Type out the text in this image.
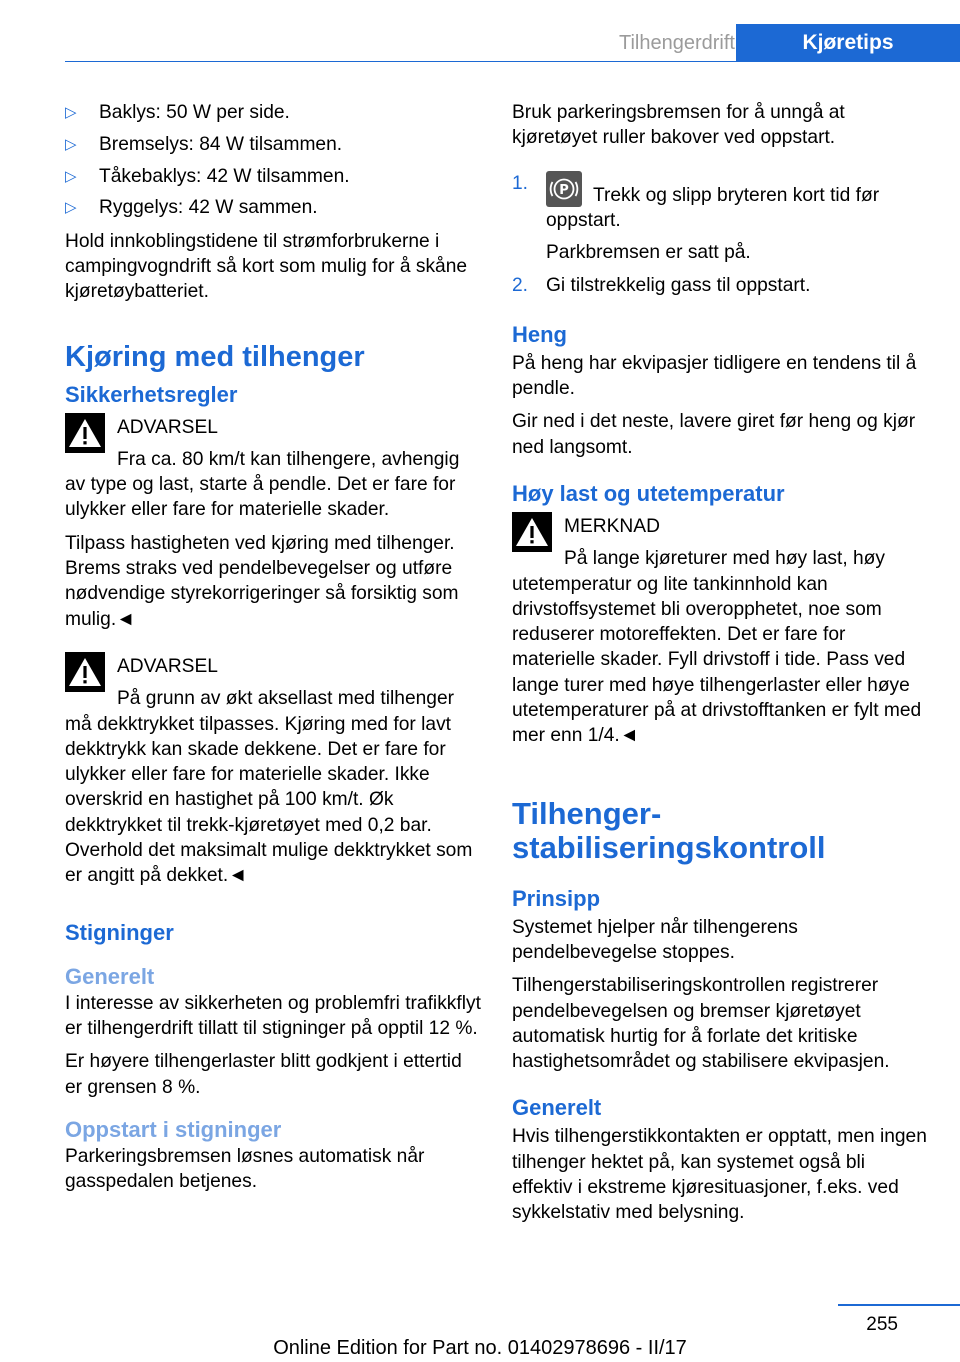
Tilhengerdrift	Kjøretips
▷ Baklys: 50 W per side.
▷ Bremselys: 84 W tilsammen.
▷ Tåkebaklys: 42 W tilsammen.
▷ Ryggelys: 42 W sammen.

Hold innkoblingstidene til strømforbrukerne i campingvogndrift så kort som mulig for å skåne kjøretøybatteriet.

Kjøring med tilhenger
Sikkerhetsregler

ADVARSEL

Fra ca. 80 km/t kan tilhengere, avhengig av type og last, starte å pendle. Det er fare for ulykker eller fare for materielle skader.

Tilpass hastigheten ved kjøring med tilhenger. Brems straks ved pendelbevegelser og utføre nødvendige styrekorrigeringer så forsiktig som mulig.◄

ADVARSEL

På grunn av økt aksellast med tilhenger må dekktrykket tilpasses. Kjøring med for lavt dekktrykk kan skade dekkene. Det er fare for ulykker eller fare for materielle skader. Ikke overskrid en hastighet på 100 km/t. Øk dekktrykket til trekk-kjøretøyet med 0,2 bar. Overhold det maksimalt mulige dekktrykket som er angitt på dekket.◄

Stigninger
Generelt

I interesse av sikkerheten og problemfri trafikkflyt er tilhengerdrift tillatt til stigninger på opptil 12 %.

Er høyere tilhengerlaster blitt godkjent i ettertid er grensen 8 %.

Oppstart i stigninger

Parkeringsbremsen løsnes automatisk når gasspedalen betjenes.

Bruk parkeringsbremsen for å unngå at kjøretøyet ruller bakover ved oppstart.

1. P Trekk og slipp bryteren kort tid før oppstart.
Parkbremsen er satt på.
2. Gi tilstrekkelig gass til oppstart.
Heng

På heng har ekvipasjer tidligere en tendens til å pendle.

Gir ned i det neste, lavere giret før heng og kjør ned langsomt.

Høy last og utetemperatur

MERKNAD

På lange kjøreturer med høy last, høy utetemperatur og lite tankinnhold kan drivstoffsystemet bli overopphetet, noe som reduserer motoreffekten. Det er fare for materielle skader. Fyll drivstoff i tide. Pass ved lange turer med høye tilhengerlaster eller høye utetemperaturer på at drivstofftanken er fylt med mer enn 1/4.◄

Tilhenger-
stabiliseringskontroll
Prinsipp

Systemet hjelper når tilhengerens pendelbevegelse stoppes.

Tilhengerstabiliseringskontrollen registrerer pendelbevegelsen og bremser kjøretøyet automatisk hurtig for å forlate det kritiske hastighetsområdet og stabilisere ekvipasjen.

Generelt

Hvis tilhengerstikkontakten er opptatt, men ingen tilhenger hektet på, kan systemet også bli effektiv i ekstreme kjøresituasjoner, f.eks. ved sykkelstativ med belysning.

255
Online Edition for Part no. 01402978696 - II/17
